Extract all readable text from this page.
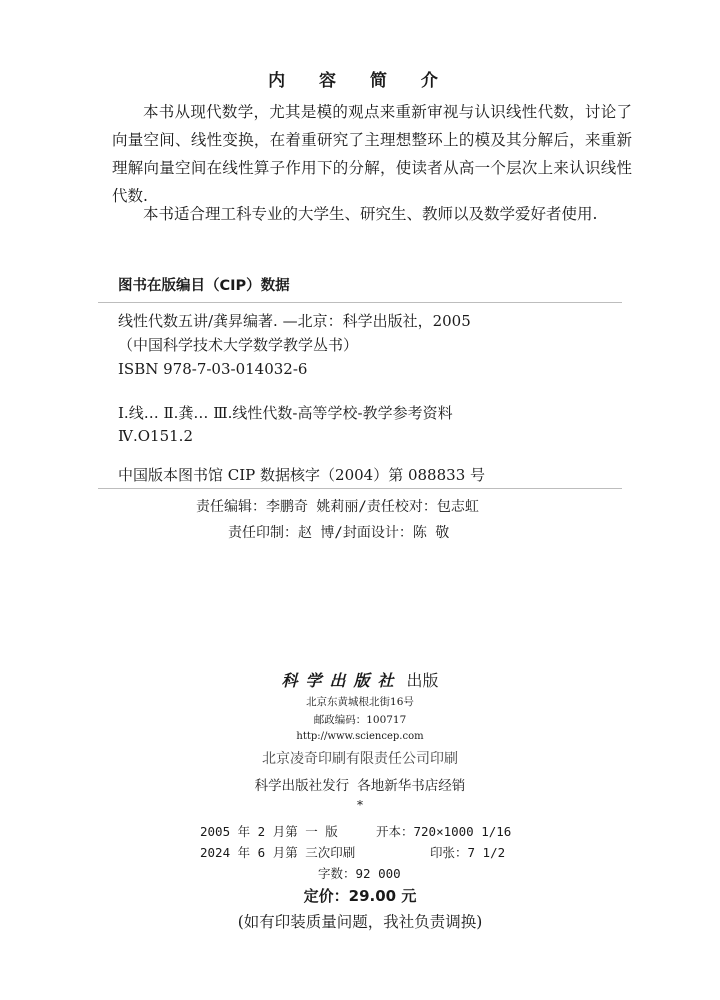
内 容 简 介
本书从现代数学，尤其是模的观点来重新审视与认识线性代数，讨论了向量空间、线性变换，在着重研究了主理想整环上的模及其分解后，来重新理解向量空间在线性算子作用下的分解，使读者从高一个层次上来认识线性代数.
本书适合理工科专业的大学生、研究生、教师以及数学爱好者使用.
图书在版编目（CIP）数据
线性代数五讲/龚昇编著. —北京：科学出版社，2005
（中国科学技术大学数学教学丛书）
ISBN 978-7-03-014032-6
Ⅰ.线… Ⅱ.龚… Ⅲ.线性代数-高等学校-教学参考资料
Ⅳ.O151.2
中国版本图书馆 CIP 数据核字（2004）第 088833 号
责任编辑：李鹏奇 姚莉丽/责任校对：包志虹
责任印制：赵 博/封面设计：陈 敬
科学出版社 出版
北京东黄城根北街16号
邮政编码：100717
http://www.sciencep.com
北京凌奇印刷有限责任公司印刷
科学出版社发行 各地新华书店经销
*
2005 年 2 月第 一 版	开本：720×1000 1/16
2024 年 6 月第 三次印刷	印张：7 1/2
字数：92 000
定价：29.00 元
(如有印装质量问题，我社负责调换)
